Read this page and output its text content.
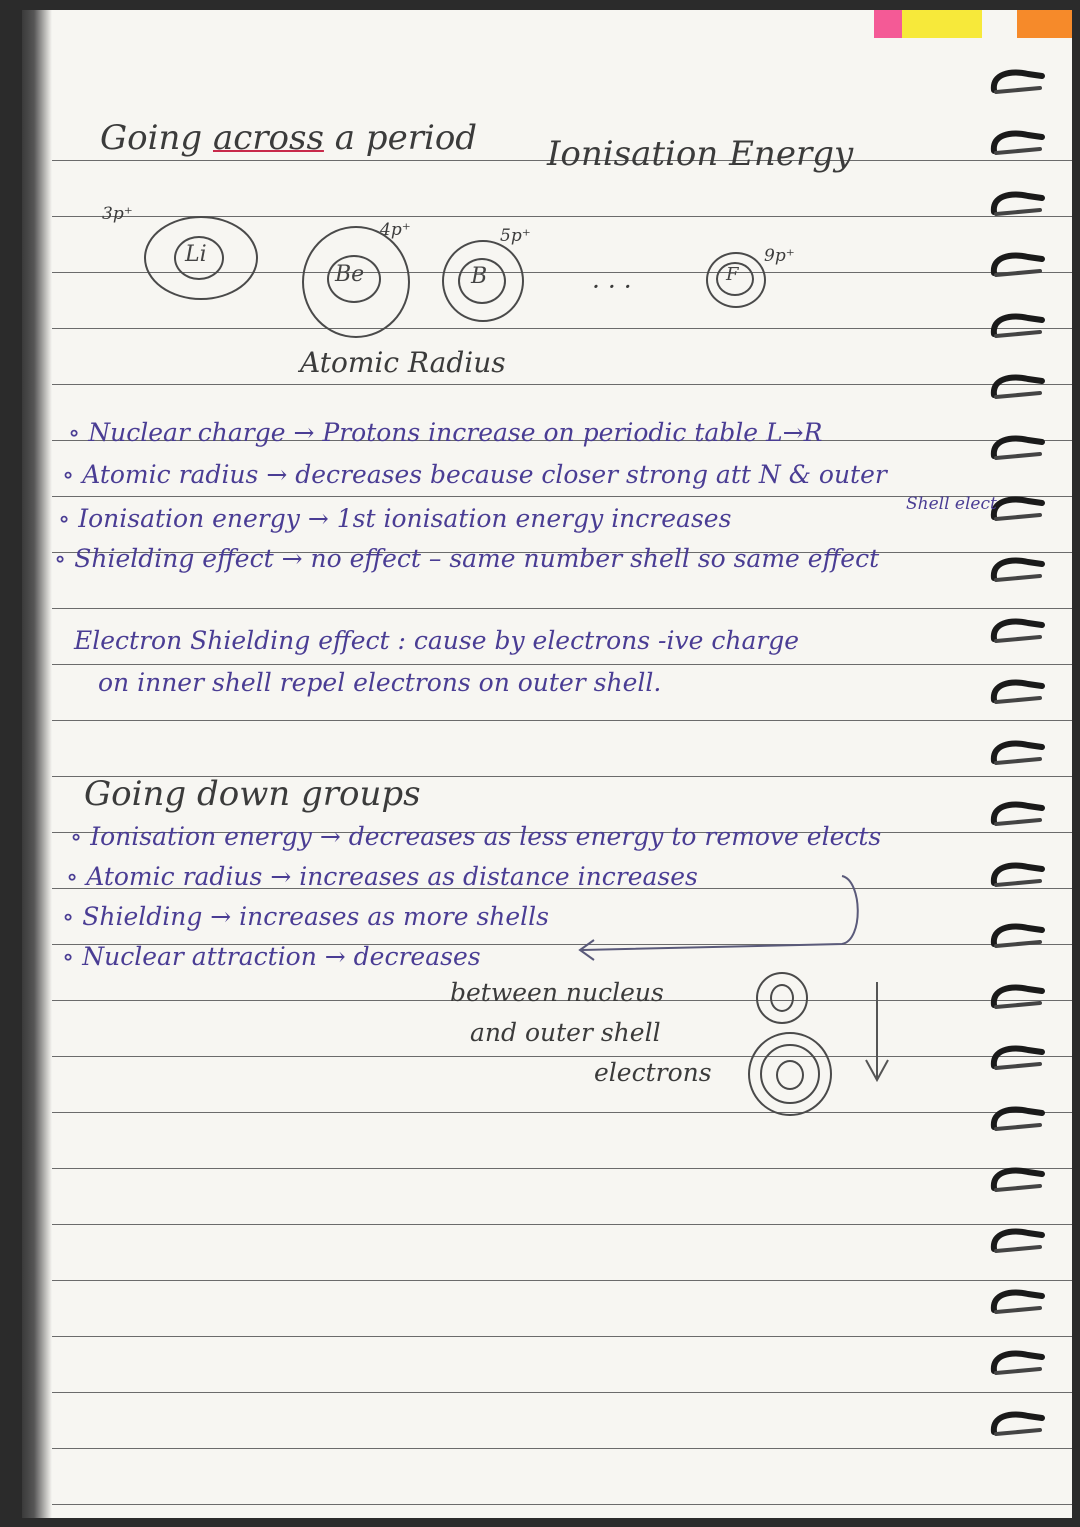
Going across a period Ionisation Energy
3p⁺
Li
4p⁺
Be
5p⁺
B	· · ·	F
9p⁺
Atomic Radius
∘ Nuclear charge → Protons increase on periodic table L→R
∘ Atomic radius → decreases because closer strong att N & outer
Shell elect
∘ Ionisation energy → 1st ionisation energy increases
∘ Shielding effect → no effect – same number shell so same effect
Electron Shielding effect : cause by electrons -ive charge
on inner shell repel electrons on outer shell.
Going down groups
∘ Ionisation energy → decreases as less energy to remove elects
∘ Atomic radius → increases as distance increases
∘ Shielding → increases as more shells
∘ Nuclear attraction → decreases
between nucleus
and outer shell
electrons
